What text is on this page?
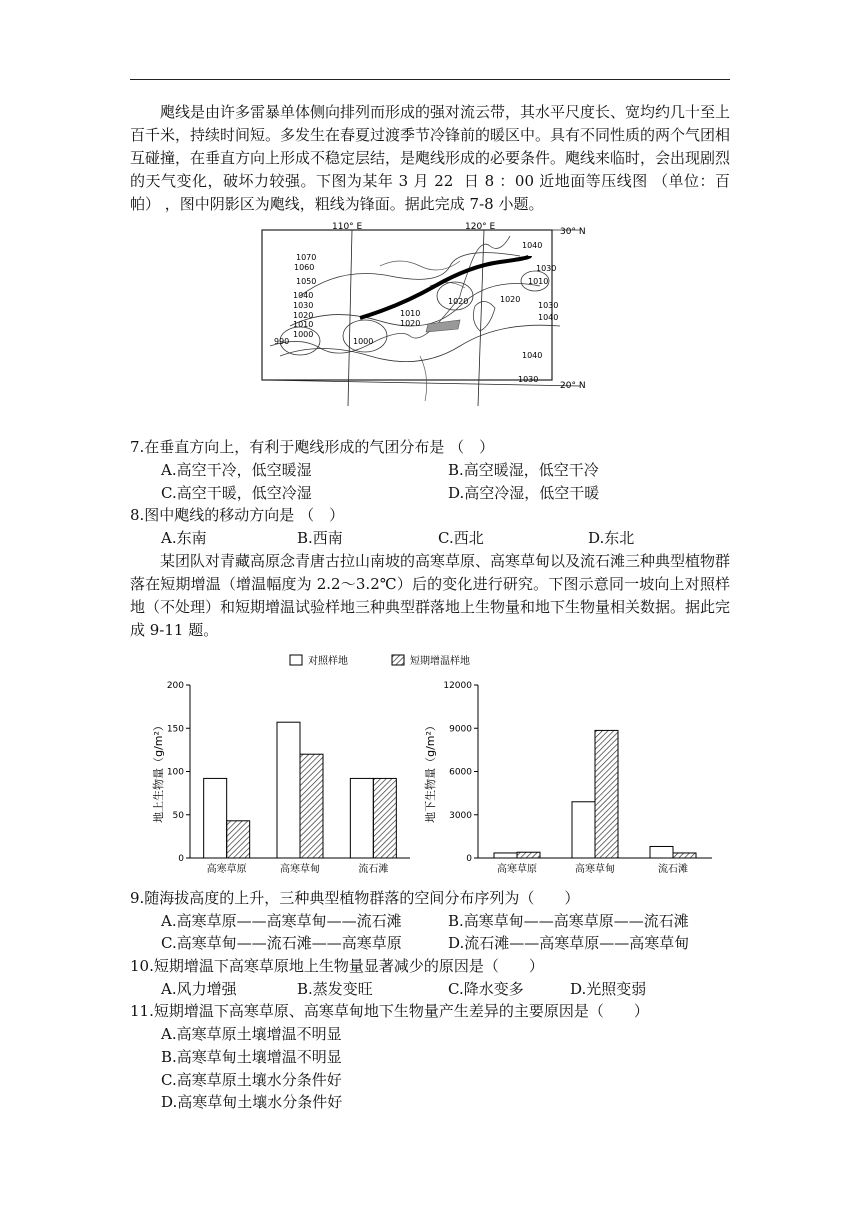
　　飑线是由许多雷暴单体侧向排列而形成的强对流云带，其水平尺度长、宽均约几十至上百千米，持续时间短。多发生在春夏过渡季节冷锋前的暖区中。具有不同性质的两个气团相 互碰撞，在垂直方向上形成不稳定层结，是飑线形成的必要条件。飑线来临时，会出现剧烈的天气变化，破坏力较强。下图为某年 3 月 22  日 8 ：00 近地面等压线图 （单位：百帕） ，图中阴影区为飑线，粗线为锋面。据此完成 7-8 小题。
110° E	120° E	30° N
20° N
1040
1030
1010
1020
1030
1040
1070
1060
1050
1040
1030
1020
1010
1000
990	1000
1020
1020
1040
1030
1010
7.在垂直方向上，有利于飑线形成的气团分布是 （　）
A.高空干冷，低空暖湿	B.高空暖湿，低空干冷
C.高空干暖，低空冷湿	D.高空冷湿，低空干暖
8.图中飑线的移动方向是 （　）
A.东南	B.西南	C.西北	D.东北
　　某团队对青藏高原念青唐古拉山南坡的高寒草原、高寒草甸以及流石滩三种典型植物群落在短期增温（增温幅度为 2.2～3.2℃）后的变化进行研究。下图示意同一坡向上对照样地（不处理）和短期增温试验样地三种典型群落地上生物量和地下生物量相关数据。据此完成 9-11 题。
对照样地	短期增温样地
0
50
100
150
200
地上生物量（g/m²）
高寒草原	高寒草甸	流石滩
0
3000
6000
9000
12000
地下生物量（g/m²）
高寒草原	高寒草甸	流石滩
9.随海拔高度的上升，三种典型植物群落的空间分布序列为（　　）
A.高寒草原——高寒草甸——流石滩	B.高寒草甸——高寒草原——流石滩
C.高寒草甸——流石滩——高寒草原	D.流石滩——高寒草原——高寒草甸
10.短期增温下高寒草原地上生物量显著减少的原因是（　　）
A.风力增强	B.蒸发变旺	C.降水变多	D.光照变弱
11.短期增温下高寒草原、高寒草甸地下生物量产生差异的主要原因是（　　）
A.高寒草原土壤增温不明显
B.高寒草甸土壤增温不明显
C.高寒草原土壤水分条件好
D.高寒草甸土壤水分条件好
